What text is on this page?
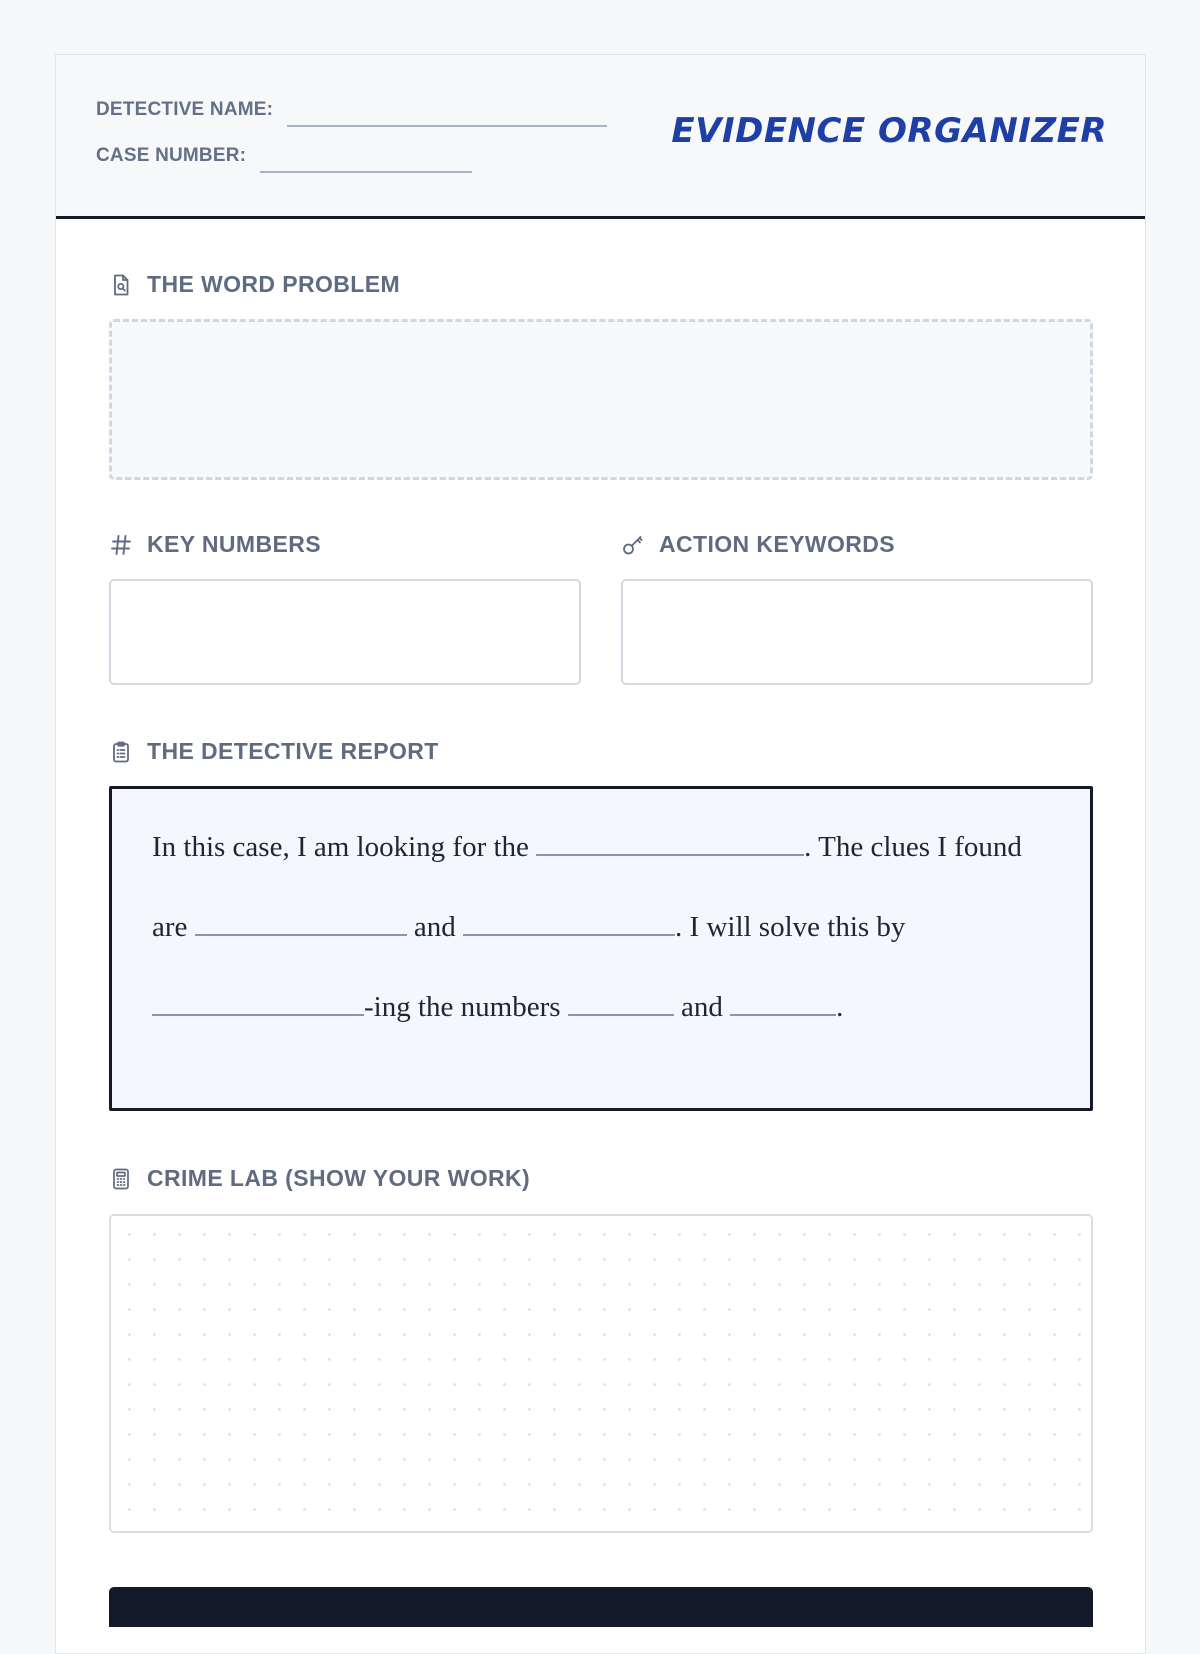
DETECTIVE NAME:
CASE NUMBER:
EVIDENCE ORGANIZER
THE WORD PROBLEM
KEY NUMBERS	ACTION KEYWORDS
THE DETECTIVE REPORT
In this case, I am looking for the	. The clues I found
are	and	. I will solve this by
-ing the numbers	and	.
CRIME LAB (SHOW YOUR WORK)
